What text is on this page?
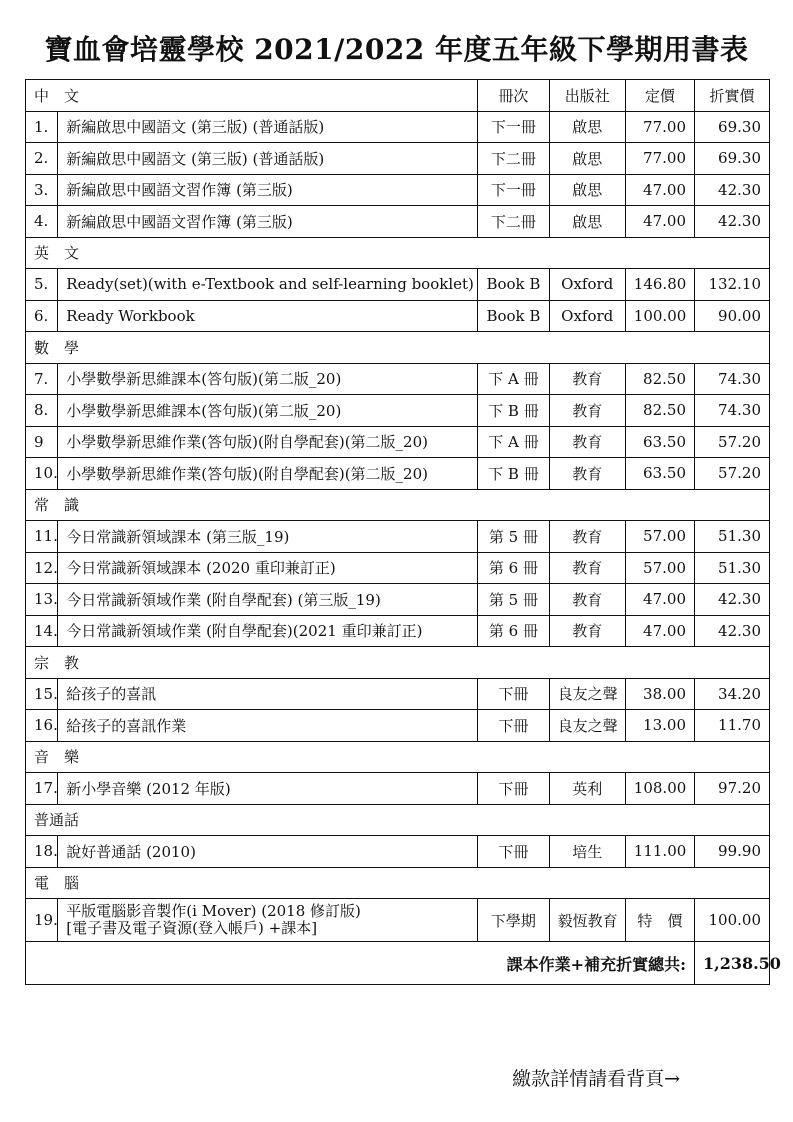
寶血會培靈學校 2021/2022 年度五年級下學期用書表
中　文		冊次	出版社	定價	折實價
1.	新編啟思中國語文 (第三版) (普通話版)	下一冊	啟思	77.00	69.30
2.	新編啟思中國語文 (第三版) (普通話版)	下二冊	啟思	77.00	69.30
3.	新編啟思中國語文習作簿 (第三版)	下一冊	啟思	47.00	42.30
4.	新編啟思中國語文習作簿 (第三版)	下二冊	啟思	47.00	42.30
英　文					
5.	Ready(set)(with e-Textbook and self-learning booklet)	Book B	Oxford	146.80	132.10
6.	Ready Workbook	Book B	Oxford	100.00	90.00
數　學					
7.	小學數學新思維課本(答句版)(第二版_20)	下 A 冊	教育	82.50	74.30
8.	小學數學新思維課本(答句版)(第二版_20)	下 B 冊	教育	82.50	74.30
9	小學數學新思維作業(答句版)(附自學配套)(第二版_20)	下 A 冊	教育	63.50	57.20
10.	小學數學新思維作業(答句版)(附自學配套)(第二版_20)	下 B 冊	教育	63.50	57.20
常　識					
11.	今日常識新領域課本 (第三版_19)	第 5 冊	教育	57.00	51.30
12.	今日常識新領域課本 (2020 重印兼訂正)	第 6 冊	教育	57.00	51.30
13.	今日常識新領域作業 (附自學配套) (第三版_19)	第 5 冊	教育	47.00	42.30
14.	今日常識新領域作業 (附自學配套)(2021 重印兼訂正)	第 6 冊	教育	47.00	42.30
宗　教					
15.	給孩子的喜訊	下冊	良友之聲	38.00	34.20
16.	給孩子的喜訊作業	下冊	良友之聲	13.00	11.70
音　樂					
17.	新小學音樂 (2012 年版)	下冊	英利	108.00	97.20
普通話					
18.	說好普通話 (2010)	下冊	培生	111.00	99.90
電　腦					
19.	平版電腦影音製作(i Mover) (2018 修訂版)
[電子書及電子資源(登入帳戶) +課本]	下學期	毅恆教育	特　價	100.00
課本作業+補充折實總共:					1,238.50
繳款詳情請看背頁→
